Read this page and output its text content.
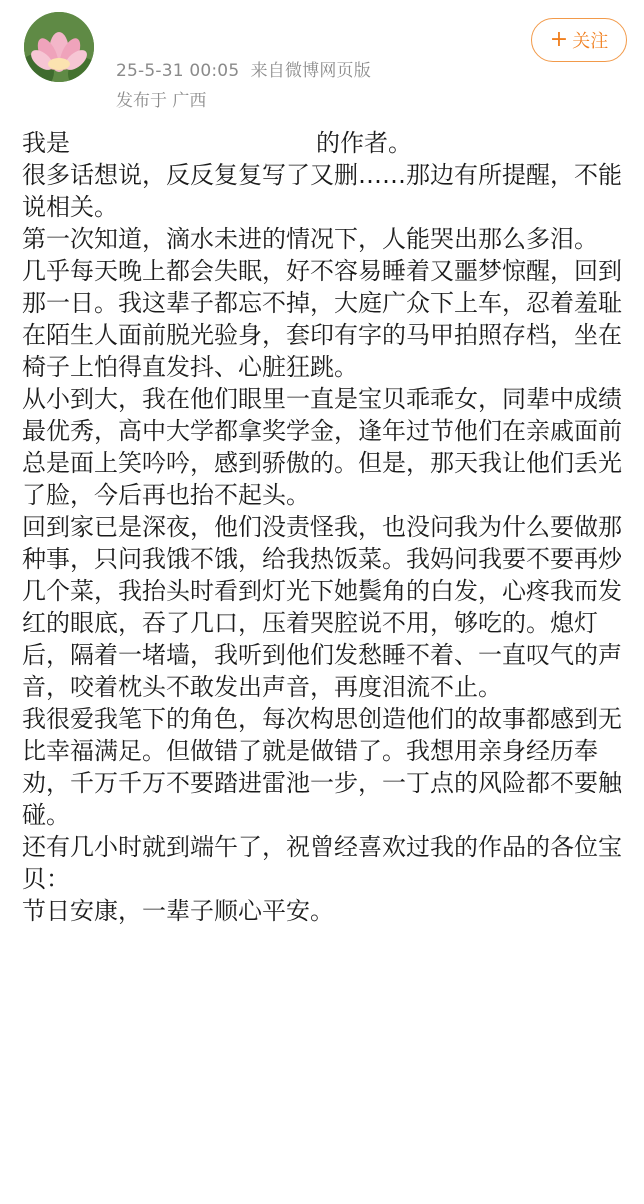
25-5-31 00:05 来自微博网页版
发布于 广西
+ 关注

我是	的作者。

很多话想说，反反复复写了又删……那边有所提醒，不能说相关。

第一次知道，滴水未进的情况下，人能哭出那么多泪。

几乎每天晚上都会失眠，好不容易睡着又噩梦惊醒，回到那一日。我这辈子都忘不掉，大庭广众下上车，忍着羞耻在陌生人面前脱光验身，套印有字的马甲拍照存档，坐在椅子上怕得直发抖、心脏狂跳。

从小到大，我在他们眼里一直是宝贝乖乖女，同辈中成绩最优秀，高中大学都拿奖学金，逢年过节他们在亲戚面前总是面上笑吟吟，感到骄傲的。但是，那天我让他们丢光了脸，今后再也抬不起头。

回到家已是深夜，他们没责怪我，也没问我为什么要做那种事，只问我饿不饿，给我热饭菜。我妈问我要不要再炒几个菜，我抬头时看到灯光下她鬓角的白发，心疼我而发红的眼底，吞了几口，压着哭腔说不用，够吃的。熄灯后，隔着一堵墙，我听到他们发愁睡不着、一直叹气的声音，咬着枕头不敢发出声音，再度泪流不止。

我很爱我笔下的角色，每次构思创造他们的故事都感到无比幸福满足。但做错了就是做错了。我想用亲身经历奉劝，千万千万不要踏进雷池一步，一丁点的风险都不要触碰。

还有几小时就到端午了，祝曾经喜欢过我的作品的各位宝贝：

节日安康，一辈子顺心平安。
